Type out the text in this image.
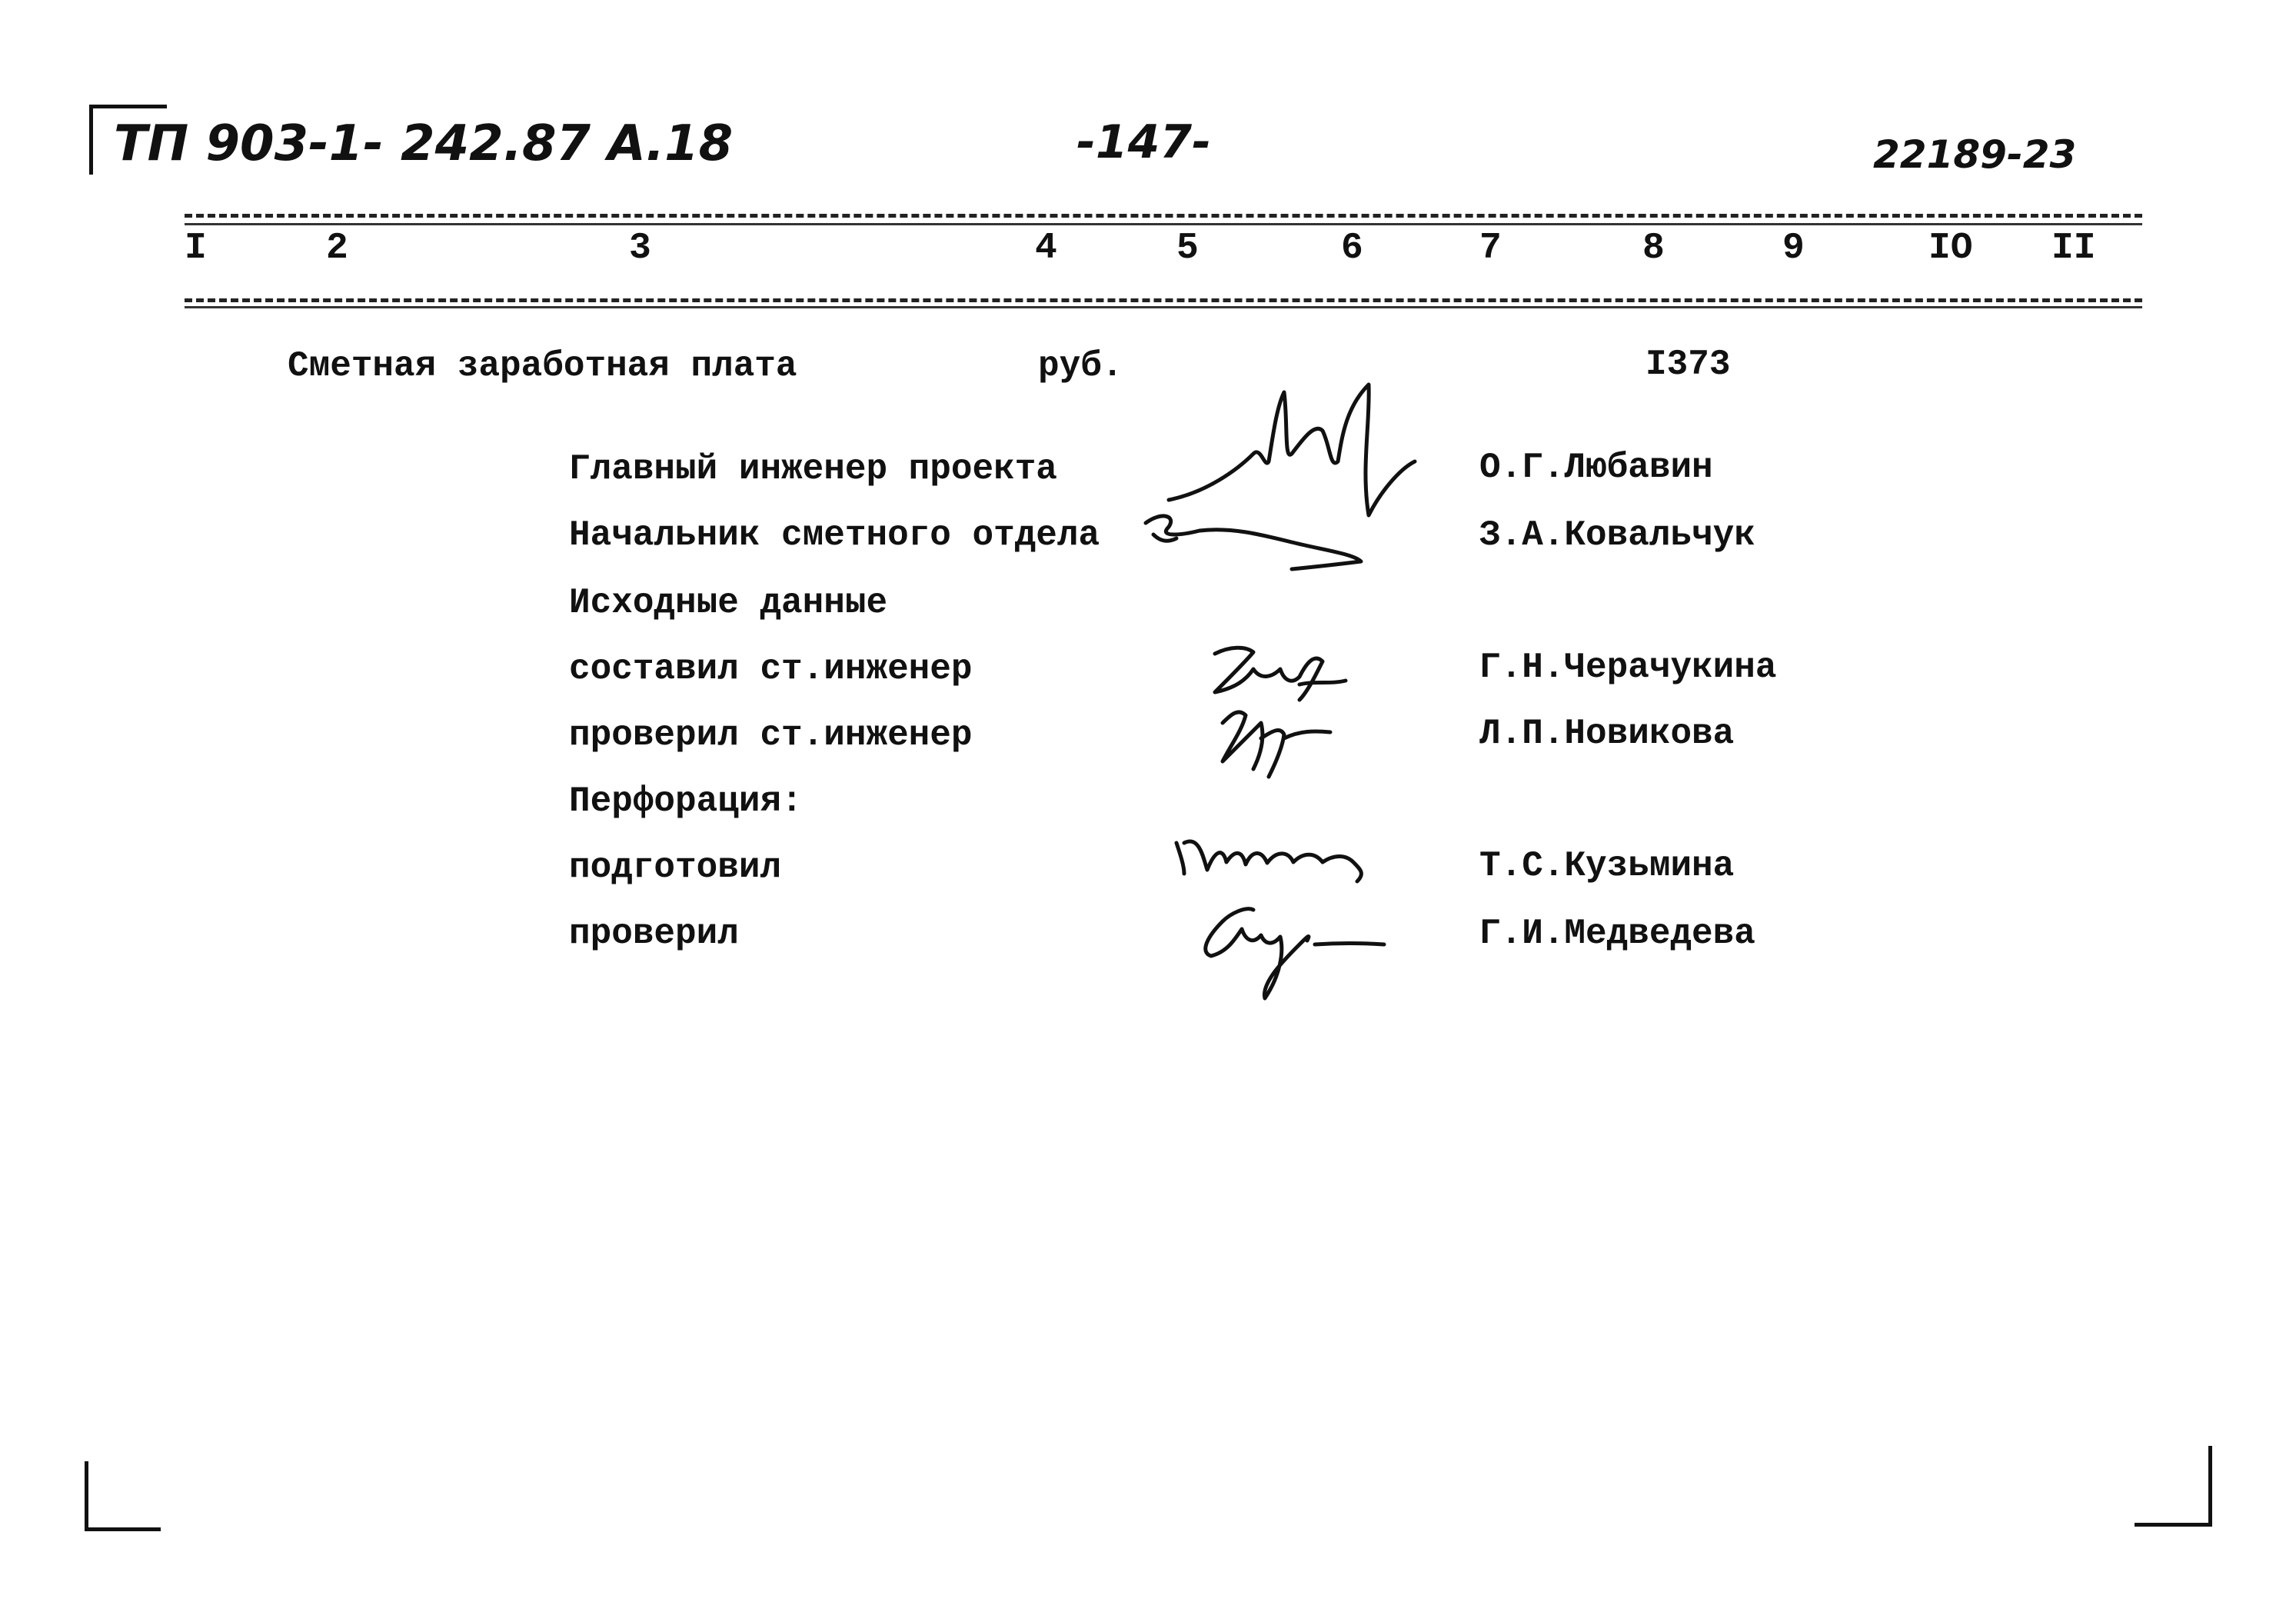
ТП 903-1- 242.87 А.18	-147-	22189-23
I	2	3	4	5	6	7	8	9	IO II
Сметная заработная плата	руб.	I373
Главный инженер проекта	О.Г.Любавин
Начальник сметного отдела	З.А.Ковальчук
Исходные данные
составил ст.инженер	Г.Н.Черачукина
проверил ст.инженер	Л.П.Новикова
Перфорация:
подготовил	Т.С.Кузьмина
проверил	Г.И.Медведева
